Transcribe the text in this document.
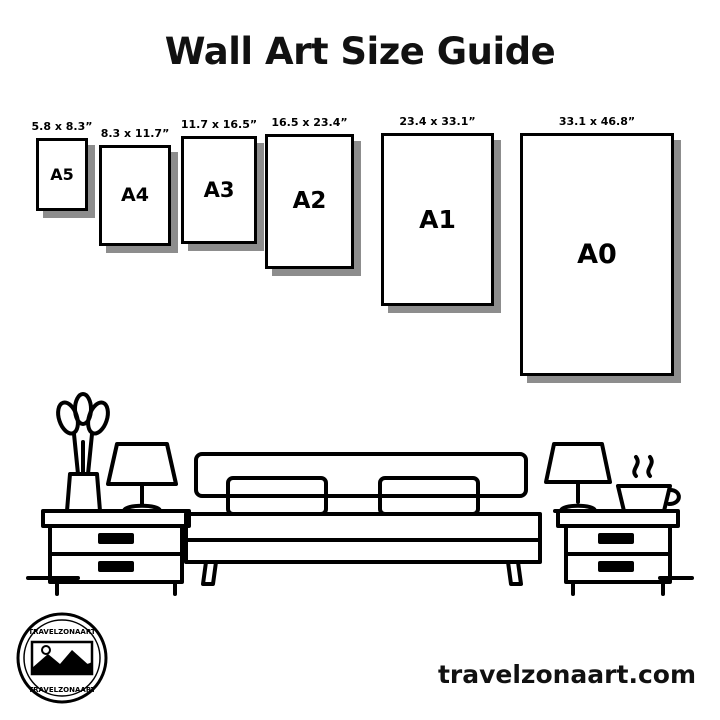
Wall Art Size Guide
A5
5.8 x 8.3”
A4
8.3 x 11.7”
A3
11.7 x 16.5”
A2
16.5 x 23.4”
A1
23.4 x 33.1”
A0
33.1 x 46.8”
TRAVELZONAART
TRAVELZONAART
travelzonaart.com
